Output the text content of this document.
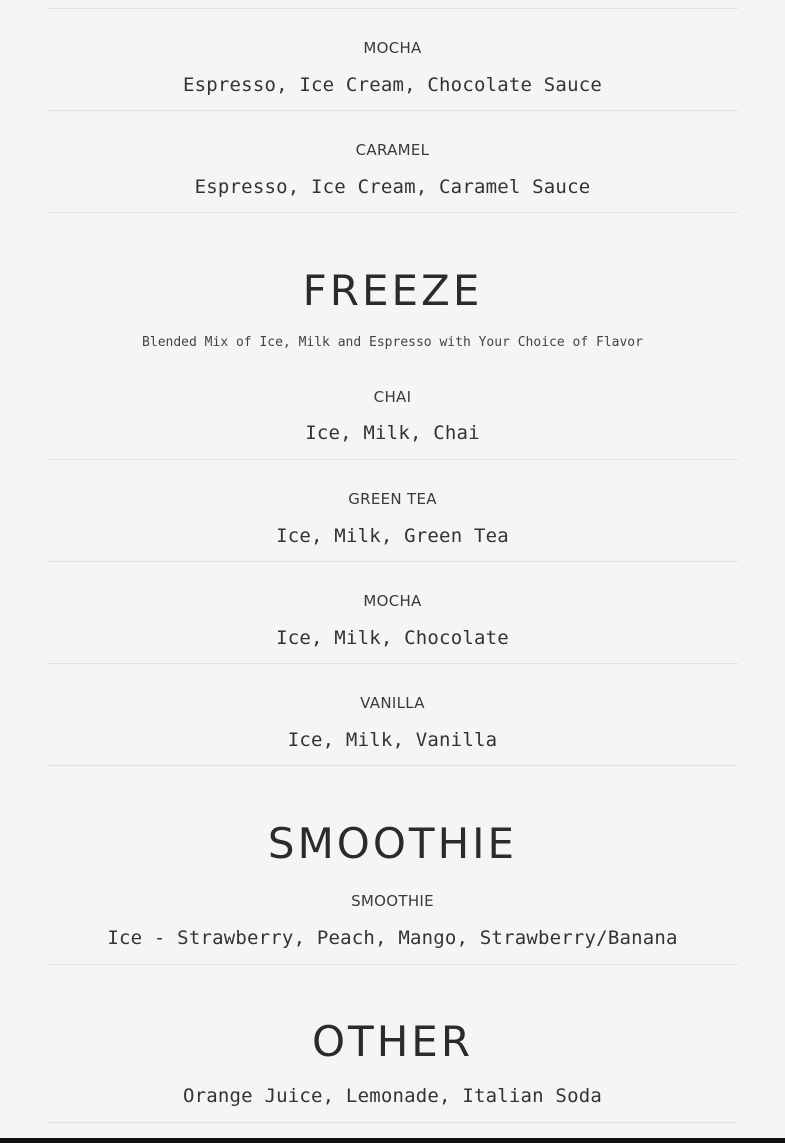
MOCHA
Espresso, Ice Cream, Chocolate Sauce
CARAMEL
Espresso, Ice Cream, Caramel Sauce
FREEZE
Blended Mix of Ice, Milk and Espresso with Your Choice of Flavor
CHAI
Ice, Milk, Chai
GREEN TEA
Ice, Milk, Green Tea
MOCHA
Ice, Milk, Chocolate
VANILLA
Ice, Milk, Vanilla
SMOOTHIE
SMOOTHIE
Ice - Strawberry, Peach, Mango, Strawberry/Banana
OTHER
Orange Juice, Lemonade, Italian Soda
